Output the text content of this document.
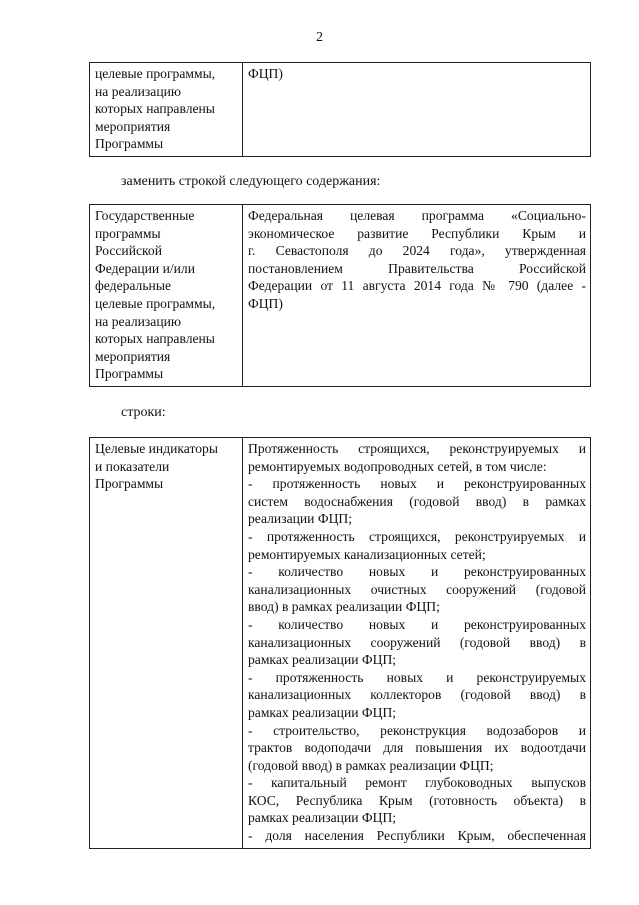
2
целевые программы,
на реализацию
которых направлены
мероприятия
Программы

ФЦП)
заменить строкой следующего содержания:
Государственные
программы
Российской
Федерации и/или
федеральные
целевые программы,
на реализацию
которых направлены
мероприятия
Программы

Федеральная целевая программа «Социально-
экономическое развитие Республики Крым и
г. Севастополя до 2024 года», утвержденная
постановлением Правительства Российской
Федерации от 11 августа 2014 года № 790 (далее -
ФЦП)
строки:
Целевые индикаторы
и показатели
Программы

Протяженность строящихся, реконструируемых и
ремонтируемых водопроводных сетей, в том числе:
- протяженность новых и реконструированных
систем водоснабжения (годовой ввод) в рамках
реализации ФЦП;
- протяженность строящихся, реконструируемых и
ремонтируемых канализационных сетей;
- количество новых и реконструированных
канализационных очистных сооружений (годовой
ввод) в рамках реализации ФЦП;
- количество новых и реконструированных
канализационных сооружений (годовой ввод) в
рамках реализации ФЦП;
- протяженность новых и реконструируемых
канализационных коллекторов (годовой ввод) в
рамках реализации ФЦП;
- строительство, реконструкция водозаборов и
трактов водоподачи для повышения их водоотдачи
(годовой ввод) в рамках реализации ФЦП;
- капитальный ремонт глубоководных выпусков
КОС, Республика Крым (готовность объекта) в
рамках реализации ФЦП;
- доля населения Республики Крым, обеспеченная
